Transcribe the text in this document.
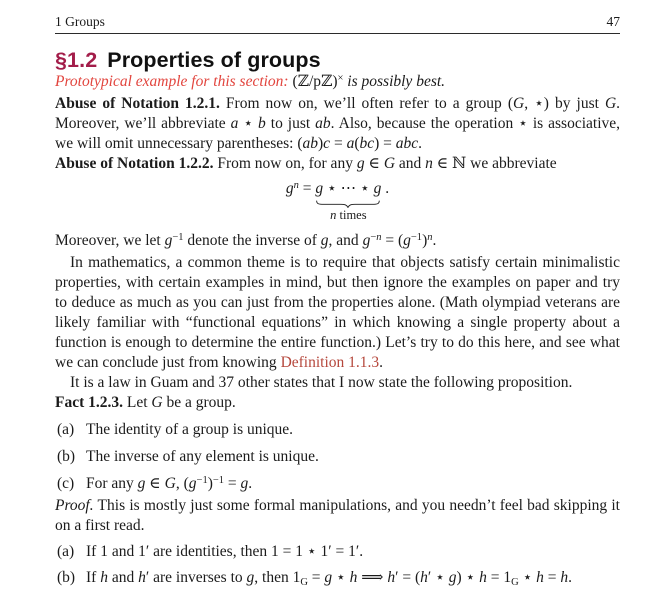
1 Groups	47
§1.2 Properties of groups

Prototypical example for this section: (ℤ/pℤ)× is possibly best.

Abuse of Notation 1.2.1. From now on, we’ll often refer to a group (G, ⋆) by just G. Moreover, we’ll abbreviate a ⋆ b to just ab. Also, because the operation ⋆ is associative, we will omit unnecessary parentheses: (ab)c = a(bc) = abc.

Abuse of Notation 1.2.2. From now on, for any g ∈ G and n ∈ ℕ we abbreviate

$g^n = g$ ⋆ ⋯ ⋆ g
n times
.

Moreover, we let $g^{-1}$ denote the inverse of g, and $g^{-n} = (g^{-1})^n$.

In mathematics, a common theme is to require that objects satisfy certain minimalistic properties, with certain examples in mind, but then ignore the examples on paper and try to deduce as much as you can just from the properties alone. (Math olympiad veterans are likely familiar with “functional equations” in which knowing a single property about a function is enough to determine the entire function.) Let’s try to do this here, and see what we can conclude just from knowing Definition 1.1.3.

It is a law in Guam and 37 other states that I now state the following proposition.

Fact 1.2.3. Let G be a group.

(a) The identity of a group is unique.
(b) The inverse of any element is unique.
(c) For any g ∈ G, $(g^{-1})^{-1} = g$.

Proof. This is mostly just some formal manipulations, and you needn’t feel bad skipping it on a first read.

(a) If 1 and 1′ are identities, then 1 = 1 ⋆ 1′ = 1′.
(b) If h and h′ are inverses to g, then 1G = g ⋆ h ⟹ h′ = (h′ ⋆ g) ⋆ h = 1G ⋆ h = h.
